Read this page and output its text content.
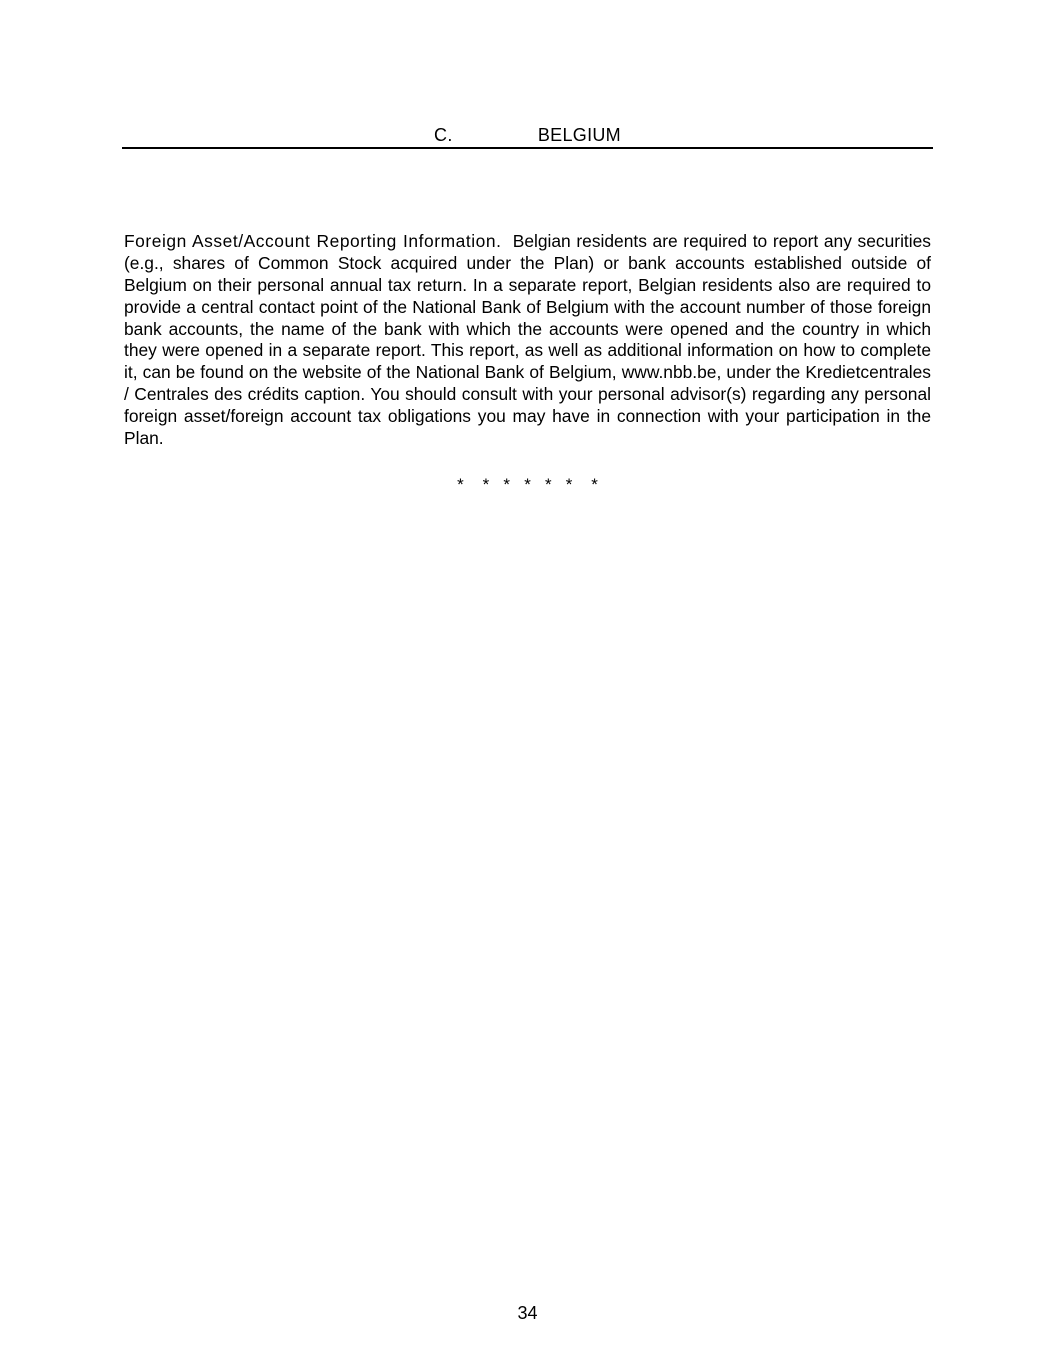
C.	BELGIUM

Foreign Asset/Account Reporting Information. Belgian residents are required to report any securities (e.g., shares of Common Stock acquired under the Plan) or bank accounts established outside of Belgium on their personal annual tax return. In a separate report, Belgian residents also are required to provide a central contact point of the National Bank of Belgium with the account number of those foreign bank accounts, the name of the bank with which the accounts were opened and the country in which they were opened in a separate report. This report, as well as additional information on how to complete it, can be found on the website of the National Bank of Belgium, www.nbb.be, under the Kredietcentrales / Centrales des crédits caption. You should consult with your personal advisor(s) regarding any personal foreign asset/foreign account tax obligations you may have in connection with your participation in the Plan.

*    *   *   *   *   *    *
34
